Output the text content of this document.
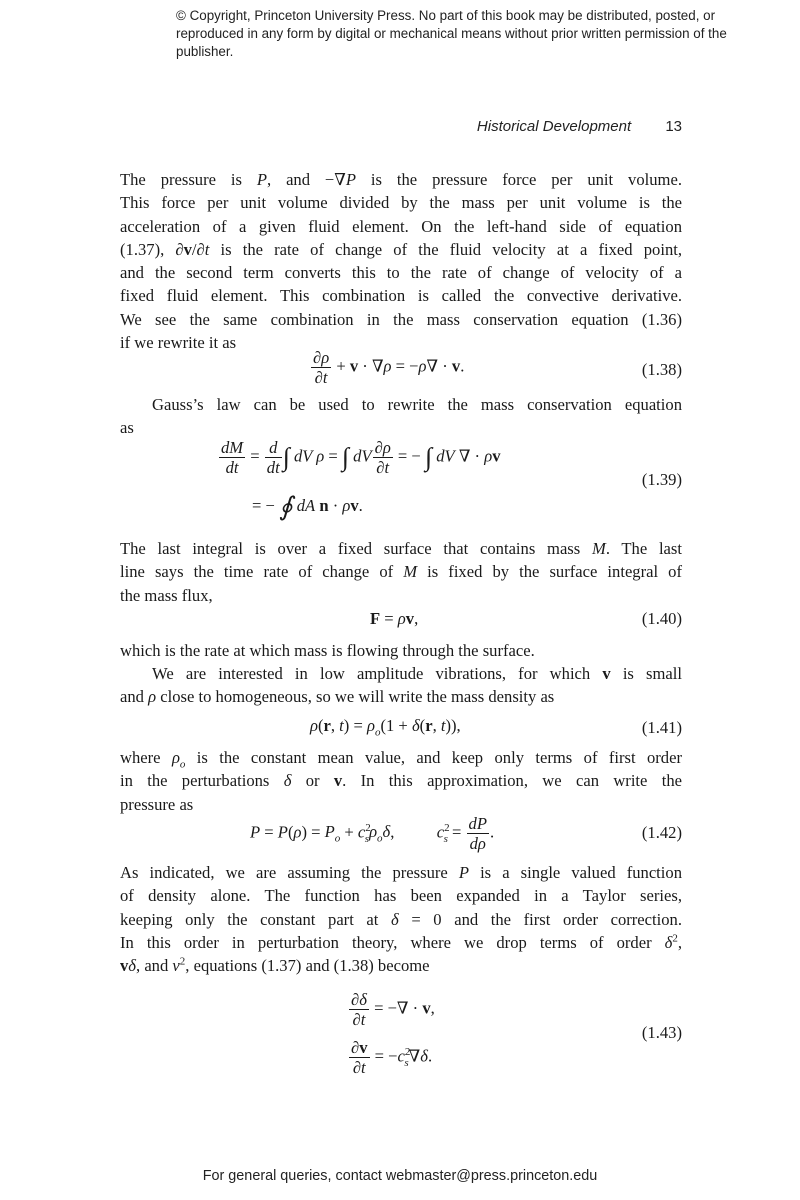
© Copyright, Princeton University Press. No part of this book may be distributed, posted, or reproduced in any form by digital or mechanical means without prior written permission of the publisher.
Historical Development 13
The pressure is P, and −∇P is the pressure force per unit volume.
This force per unit volume divided by the mass per unit volume is the
acceleration of a given fluid element. On the left-hand side of equation
(1.37), ∂v/∂t is the rate of change of the fluid velocity at a fixed point,
and the second term converts this to the rate of change of velocity of a
fixed fluid element. This combination is called the convective derivative.
We see the same combination in the mass conservation equation (1.36)
if we rewrite it as
$\frac{\partial\rho}{\partial t} + v \cdot \nabla\rho = -\rho\nabla \cdot v$.	(1.38)
Gauss’s law can be used to rewrite the mass conservation equation
as
$\frac{dM}{dt} = \frac{d}{dt}$ ∫ dV ρ = ∫ dV $\frac{\partial\rho}{\partial t}$ = − ∫ dV ∇ · ρv
= − ∮ dA n · ρv.
(1.39)
The last integral is over a fixed surface that contains mass M. The last
line says the time rate of change of M is fixed by the surface integral of
the mass flux,
F = ρv,	(1.40)
which is the rate at which mass is flowing through the surface.
We are interested in low amplitude vibrations, for which v is small
and ρ close to homogeneous, so we will write the mass density as
ρ(r, $t) = \rho_o(1 + \delta(r$, t)),	(1.41)
where $\rho_o$ is the constant mean value, and keep only terms of first order
in the perturbations δ or v. In this approximation, we can write the
pressure as
$P = P(\rho) = P_o + c^2_s\rho_o\delta$,  $c^2_s = \frac{dP}{d\rho}$ .	(1.42)
As indicated, we are assuming the pressure P is a single valued function
of density alone. The function has been expanded in a Taylor series,
keeping only the constant part at δ = 0 and the first order correction.
In this order in perturbation theory, where we drop terms of order $\delta^2$,
vδ, and $v^2$, equations (1.37) and (1.38) become
$\frac{\partial\delta}{\partial t}$ = −∇ · v,
$\frac{\partial v}{\partial t} = -c^2_s\nabla\delta$.
(1.43)
For general queries, contact webmaster@press.princeton.edu
